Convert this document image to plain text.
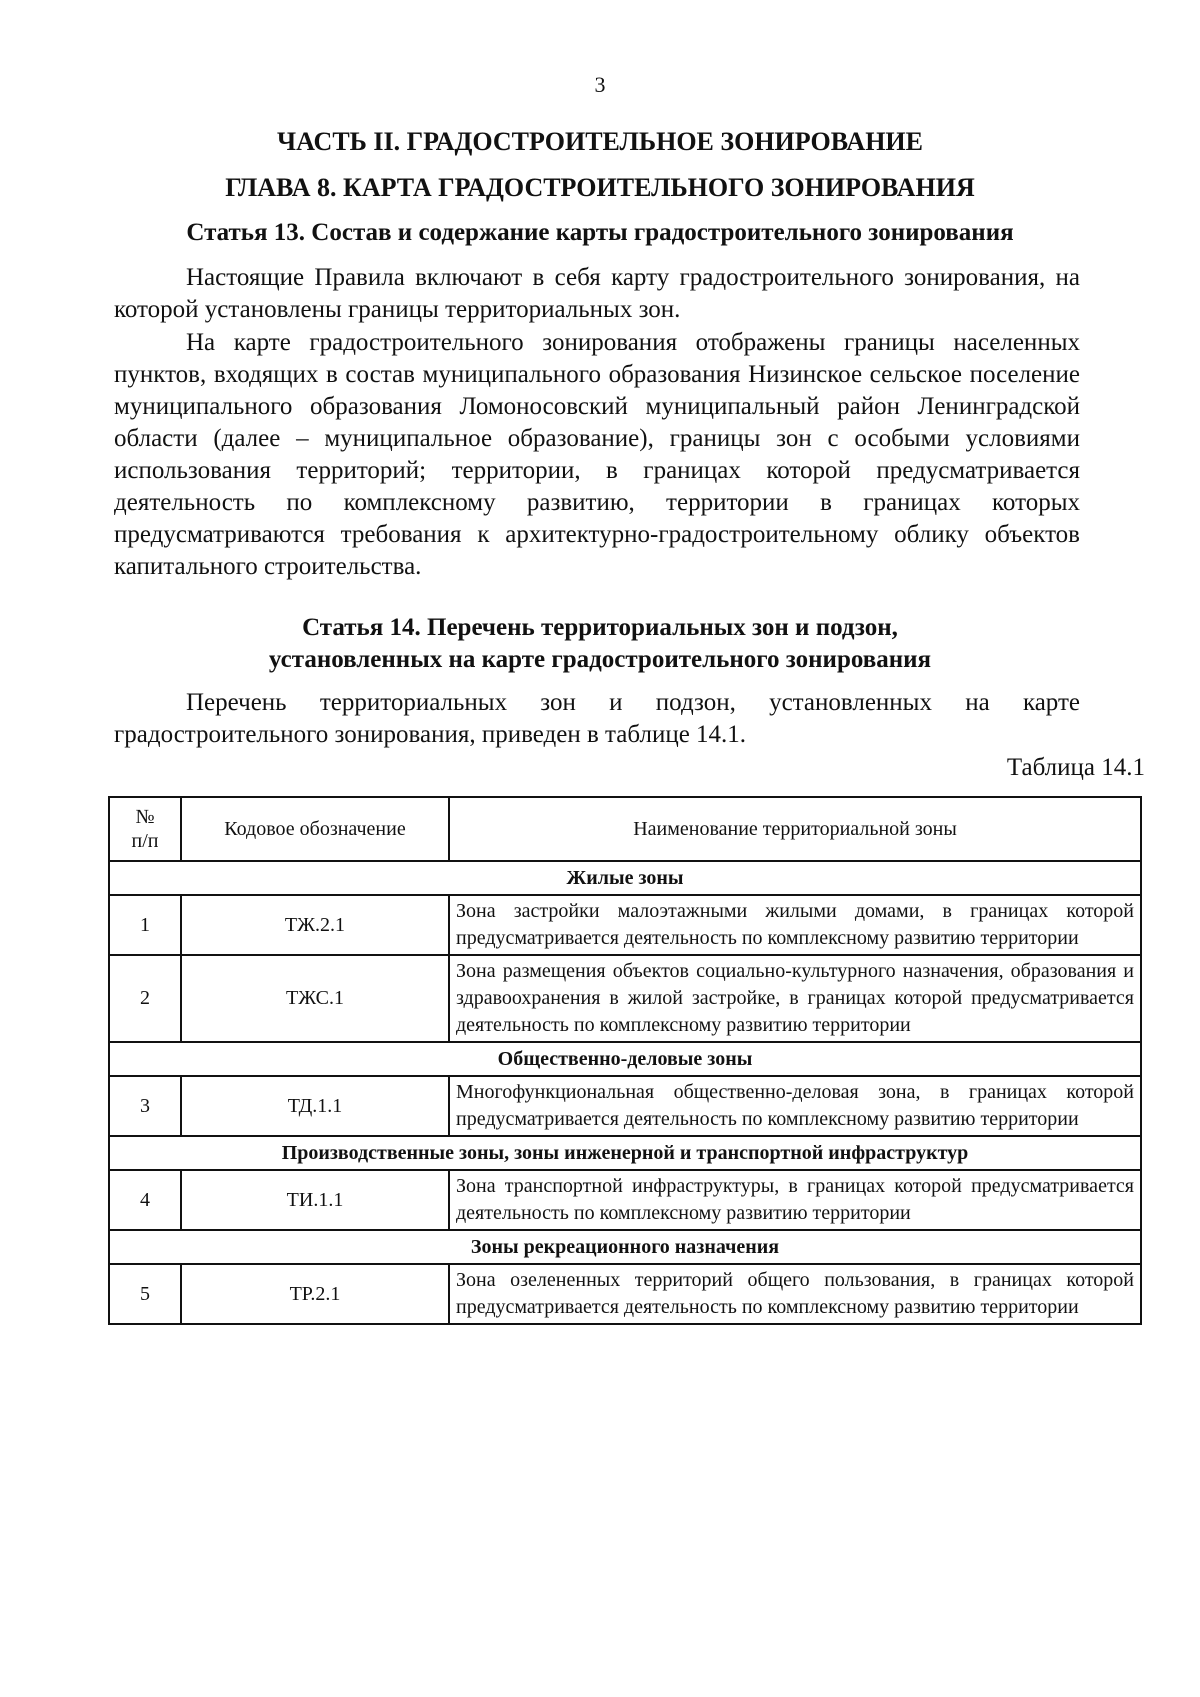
3
ЧАСТЬ II. ГРАДОСТРОИТЕЛЬНОЕ ЗОНИРОВАНИЕ
ГЛАВА 8. КАРТА ГРАДОСТРОИТЕЛЬНОГО ЗОНИРОВАНИЯ
Статья 13. Состав и содержание карты градостроительного зонирования

Настоящие Правила включают в себя карту градостроительного зонирования, на которой установлены границы территориальных зон.

На карте градостроительного зонирования отображены границы населенных пунктов, входящих в состав муниципального образования Низинское сельское поселение муниципального образования Ломоносовский муниципальный район Ленинградской области (далее – муниципальное образование), границы зон с особыми условиями использования территорий; территории, в границах которой предусматривается деятельность по комплексному развитию, территории в границах которых предусматриваются требования к архитектурно-градостроительному облику объектов капитального строительства.

Статья 14. Перечень территориальных зон и подзон,
установленных на карте градостроительного зонирования

Перечень территориальных зон и подзон, установленных на карте градостроительного зонирования, приведен в таблице 14.1.

Таблица 14.1
№ п/п	Кодовое обозначение	Наименование территориальной зоны
Жилые зоны		
1	ТЖ.2.1	Зона застройки малоэтажными жилыми домами, в границах которой предусматривается деятельность по комплексному развитию территории
2	ТЖС.1	Зона размещения объектов социально-культурного назначения, образования и здравоохранения в жилой застройке, в границах которой предусматривается деятельность по комплексному развитию территории
Общественно-деловые зоны		
3	ТД.1.1	Многофункциональная общественно-деловая зона, в границах которой предусматривается деятельность по комплексному развитию территории
Производственные зоны, зоны инженерной и транспортной инфраструктур		
4	ТИ.1.1	Зона транспортной инфраструктуры, в границах которой предусматривается деятельность по комплексному развитию территории
Зоны рекреационного назначения		
5	ТР.2.1	Зона озелененных территорий общего пользования, в границах которой предусматривается деятельность по комплексному развитию территории
